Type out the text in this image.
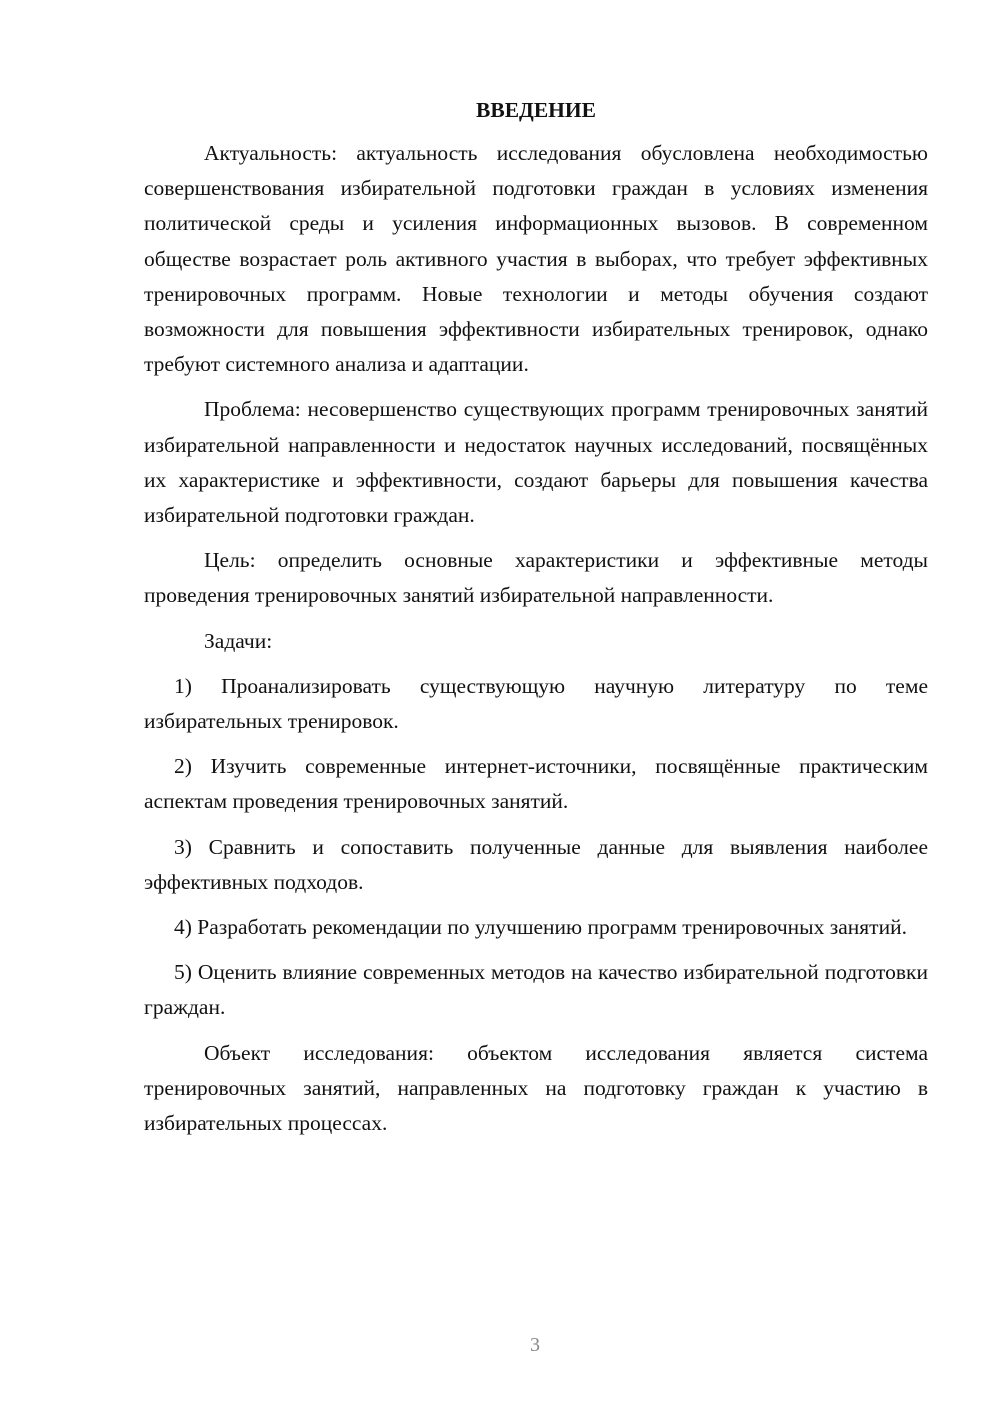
ВВЕДЕНИЕ

Актуальность: актуальность исследования обусловлена необходимостью совершенствования избирательной подготовки граждан в условиях изменения политической среды и усиления информационных вызовов. В современном обществе возрастает роль активного участия в выборах, что требует эффективных тренировочных программ. Новые технологии и методы обучения создают возможности для повышения эффективности избирательных тренировок, однако требуют системного анализа и адаптации.

Проблема: несовершенство существующих программ тренировочных занятий избирательной направленности и недостаток научных исследований, посвящённых их характеристике и эффективности, создают барьеры для повышения качества избирательной подготовки граждан.

Цель: определить основные характеристики и эффективные методы проведения тренировочных занятий избирательной направленности.

Задачи:

1) Проанализировать существующую научную литературу по теме избирательных тренировок.

2) Изучить современные интернет-источники, посвящённые практическим аспектам проведения тренировочных занятий.

3) Сравнить и сопоставить полученные данные для выявления наиболее эффективных подходов.

4) Разработать рекомендации по улучшению программ тренировочных занятий.

5) Оценить влияние современных методов на качество избирательной подготовки граждан.

Объект исследования: объектом исследования является система тренировочных занятий, направленных на подготовку граждан к участию в избирательных процессах.

3
